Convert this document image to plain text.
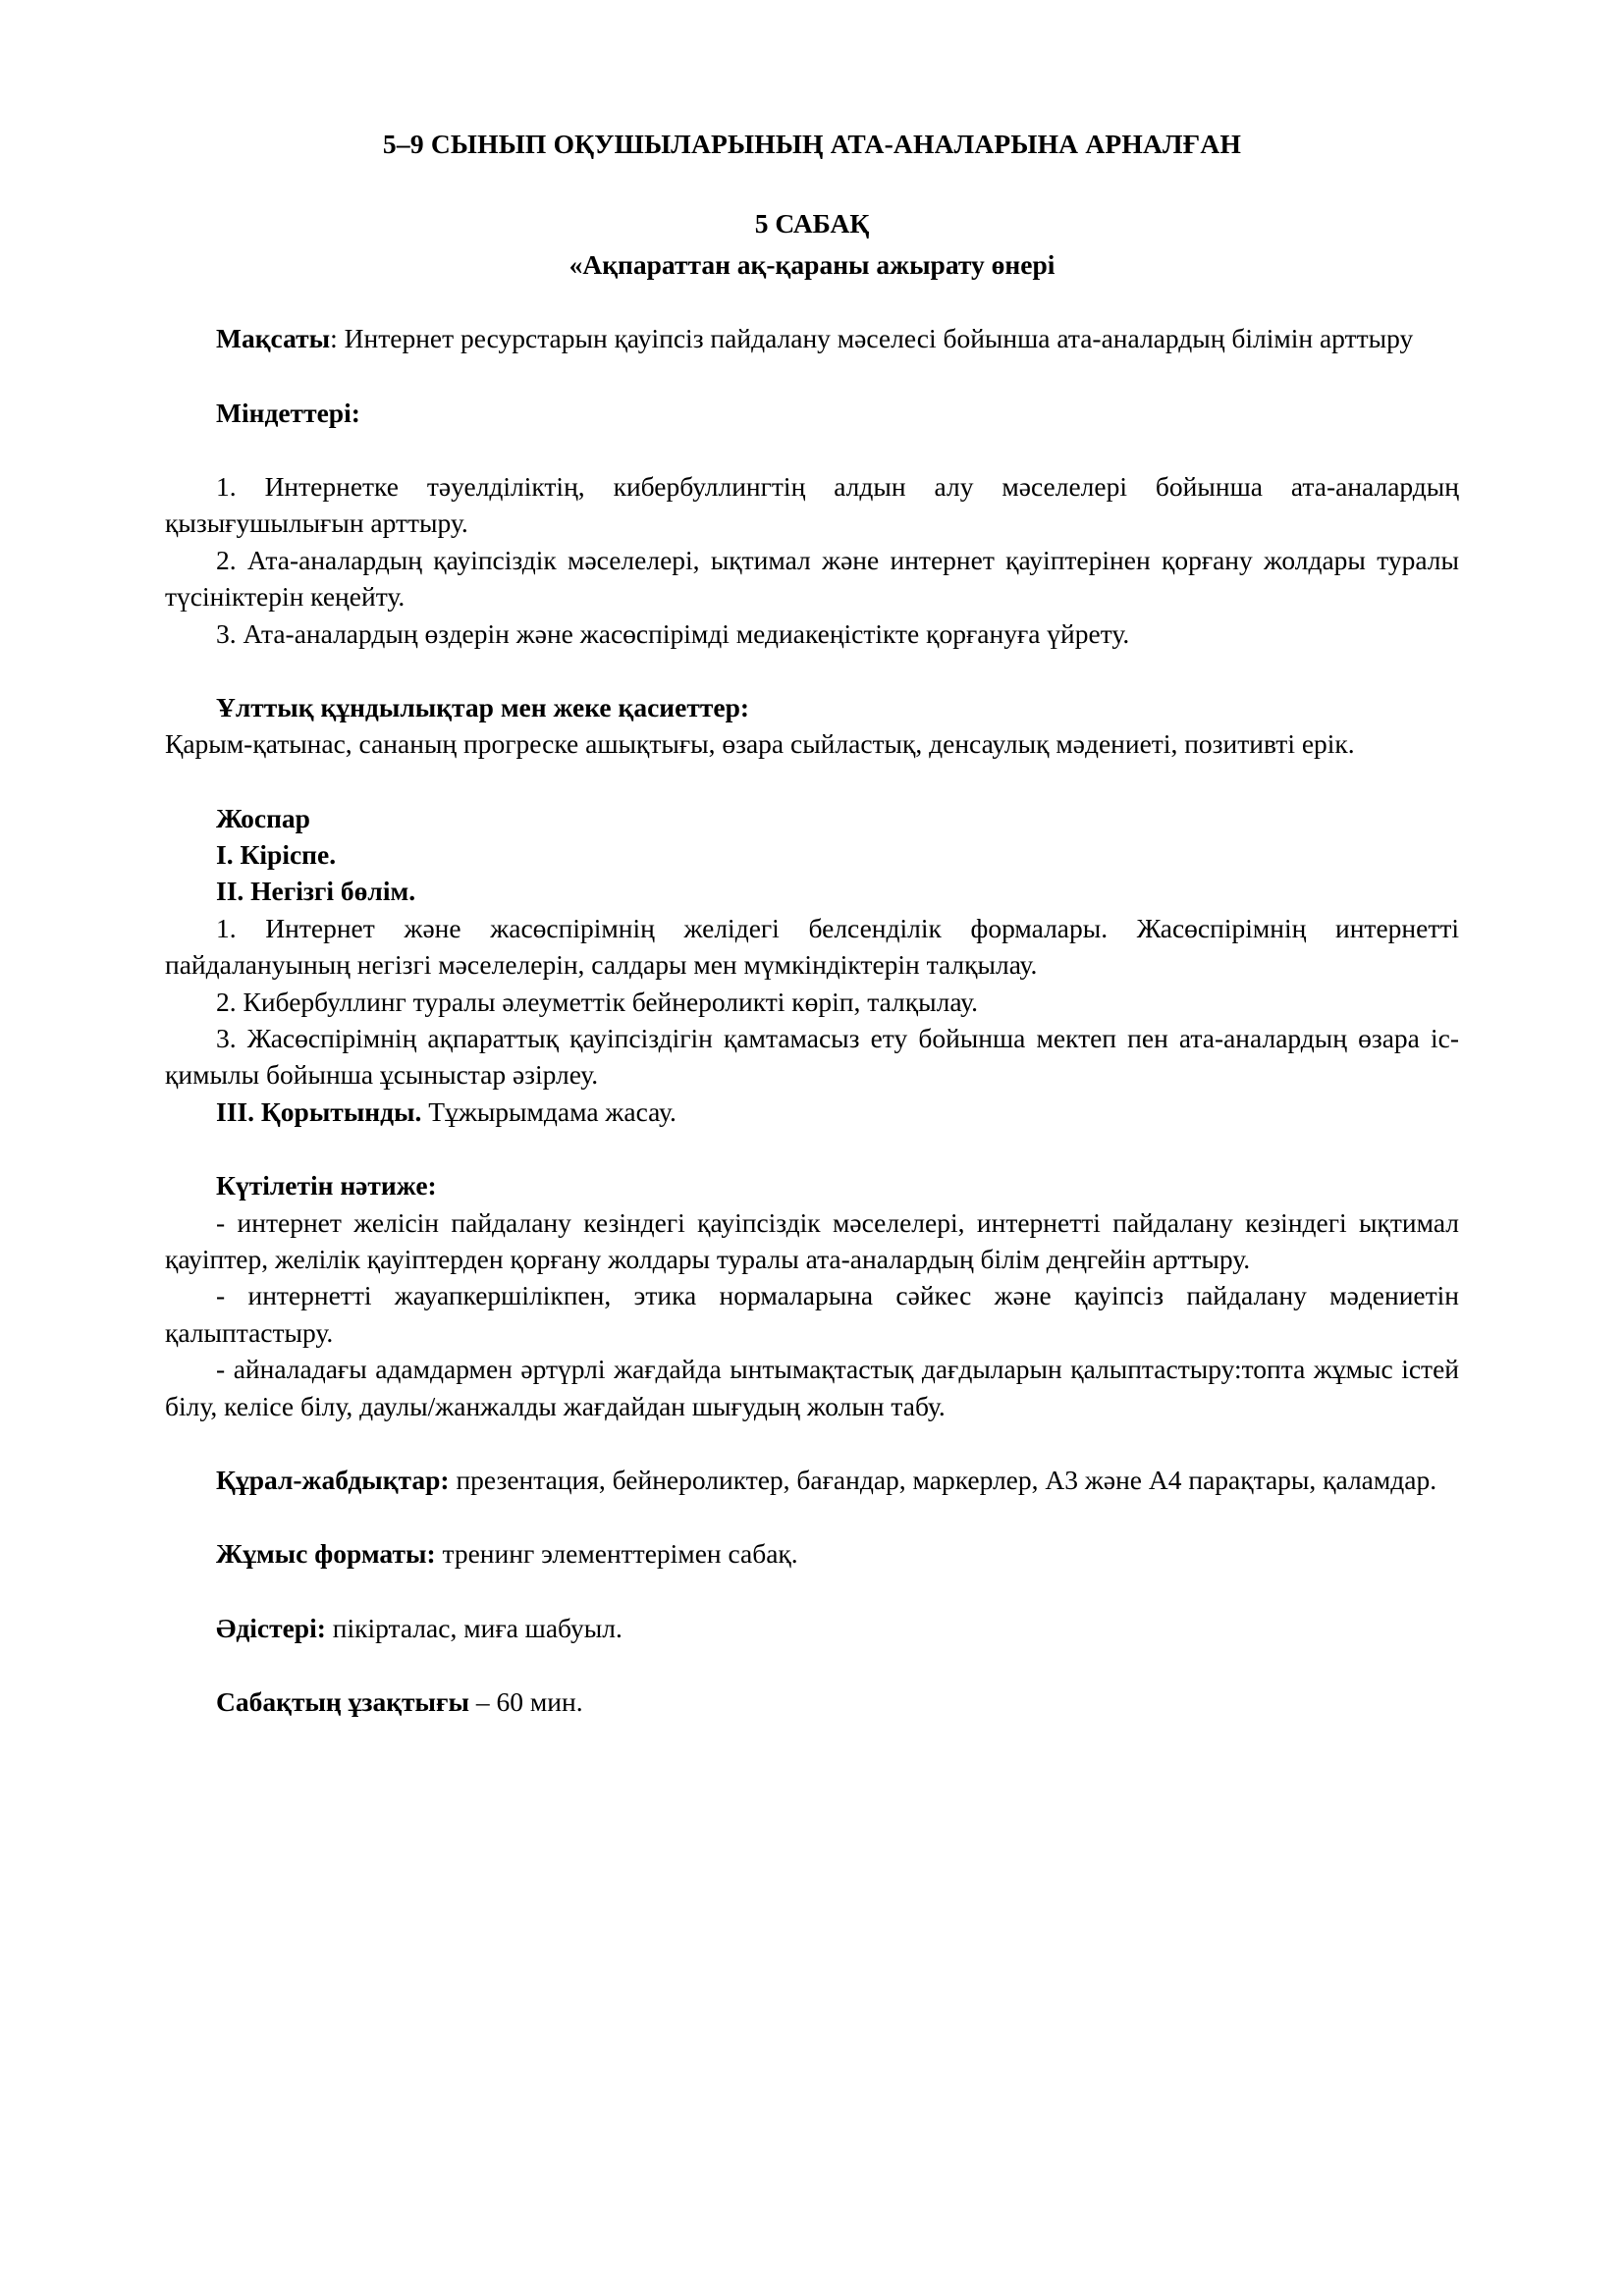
5–9 СЫНЫП ОҚУШЫЛАРЫНЫҢ АТА-АНАЛАРЫНА АРНАЛҒАН

5 САБАҚ

«Ақпараттан ақ-қараны ажырату өнері

Мақсаты: Интернет ресурстарын қауіпсіз пайдалану мәселесі бойынша ата-аналардың білімін арттыру

Міндеттері:

1. Интернетке тәуелділіктің, кибербуллингтің алдын алу мәселелері бойынша ата-аналардың қызығушылығын арттыру.

2. Ата-аналардың қауіпсіздік мәселелері, ықтимал және интернет қауіптерінен қорғану жолдары туралы түсініктерін кеңейту.

3. Ата-аналардың өздерін және жасөспірімді медиакеңістікте қорғануға үйрету.

Ұлттық құндылықтар мен жеке қасиеттер:

Қарым-қатынас, сананың прогреске ашықтығы, өзара сыйластық, денсаулық мәдениеті, позитивті ерік.

Жоспар

I. Кіріспе.

II. Негізгі бөлім.

1. Интернет және жасөспірімнің желідегі белсенділік формалары. Жасөспірімнің интернетті пайдалануының негізгі мәселелерін, салдары мен мүмкіндіктерін талқылау.

2. Кибербуллинг туралы әлеуметтік бейнероликті көріп, талқылау.

3. Жасөспірімнің ақпараттық қауіпсіздігін қамтамасыз ету бойынша мектеп пен ата-аналардың өзара іс-қимылы бойынша ұсыныстар әзірлеу.

III. Қорытынды. Тұжырымдама жасау.

Күтілетін нәтиже:

- интернет желісін пайдалану кезіндегі қауіпсіздік мәселелері, интернетті пайдалану кезіндегі ықтимал қауіптер, желілік қауіптерден қорғану жолдары туралы ата-аналардың білім деңгейін арттыру.

- интернетті жауапкершілікпен, этика нормаларына сәйкес және қауіпсіз пайдалану мәдениетін қалыптастыру.

- айналадағы адамдармен әртүрлі жағдайда ынтымақтастық дағдыларын қалыптастыру:топта жұмыс істей білу, келісе білу, даулы/жанжалды жағдайдан шығудың жолын табу.

Құрал-жабдықтар: презентация, бейнероликтер, бағандар, маркерлер, А3 және А4 парақтары, қаламдар.

Жұмыс форматы: тренинг элементтерімен сабақ.

Әдістері: пікірталас, миға шабуыл.

Сабақтың ұзақтығы – 60 мин.
